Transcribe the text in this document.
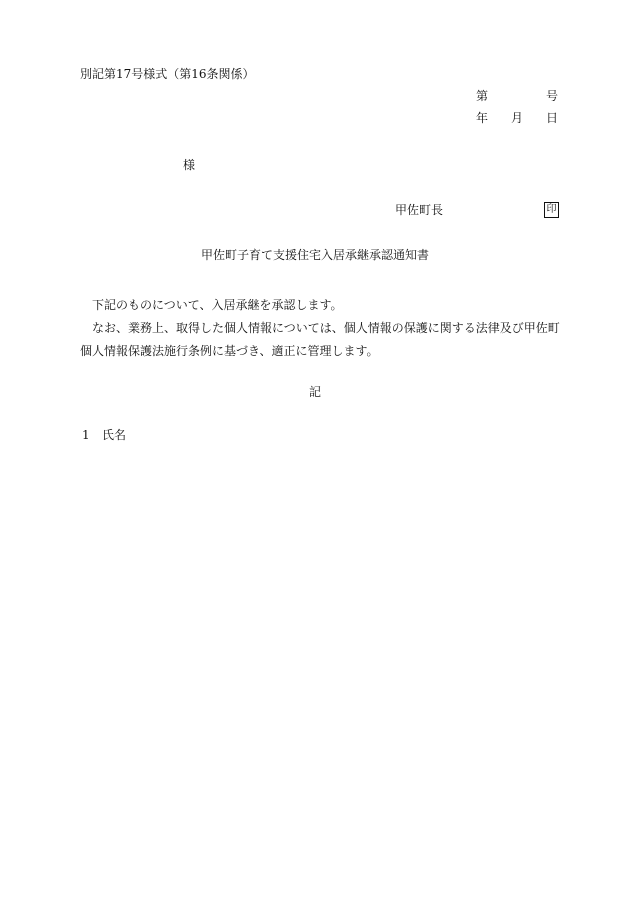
別記第17号様式（第16条関係）
第	号
年 月 日
様
甲佐町長	印
甲佐町子育て支援住宅入居承継承認通知書

下記のものについて、入居承継を承認します。

なお、業務上、取得した個人情報については、個人情報の保護に関する法律及び甲佐町個人情報保護法施行条例に基づき、適正に管理します。

記
1 氏名
